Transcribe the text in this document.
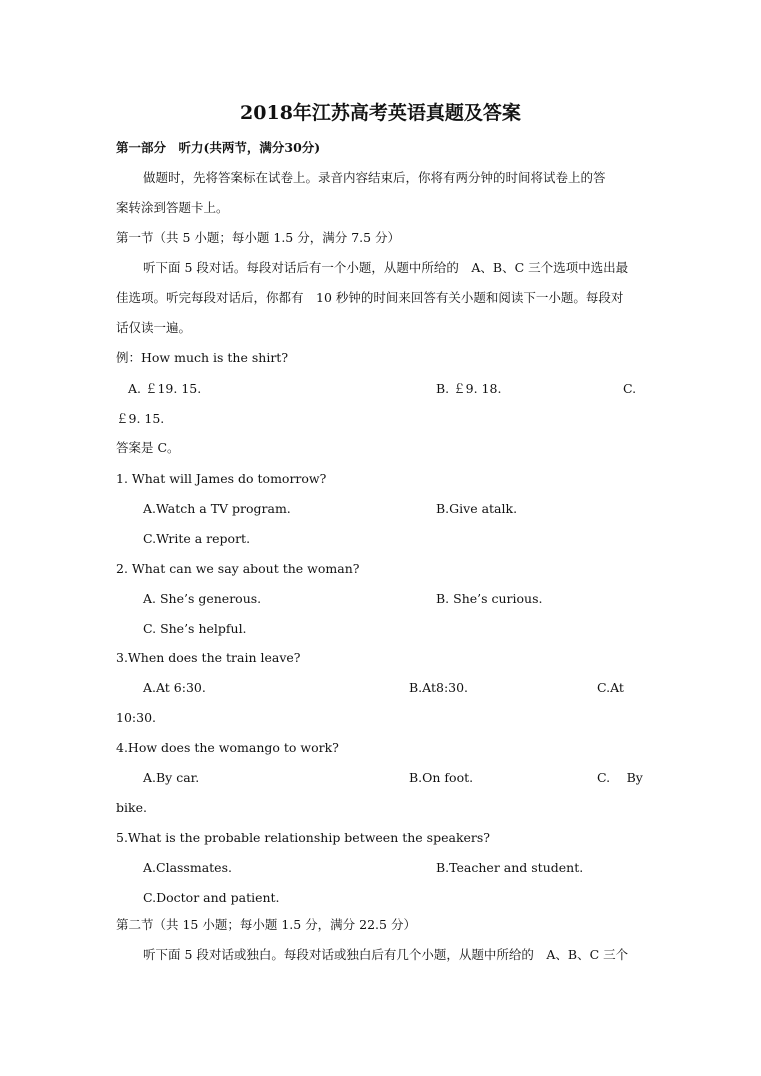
2018年江苏高考英语真题及答案
第一部分　听力(共两节，满分30分)
做题时，先将答案标在试卷上。录音内容结束后，你将有两分钟的时间将试卷上的答
案转涂到答题卡上。
第一节（共 5 小题；每小题 1.5 分，满分 7.5 分）
听下面 5 段对话。每段对话后有一个小题，从题中所给的　A、B、C 三个选项中选出最
佳选项。听完每段对话后，你都有　10 秒钟的时间来回答有关小题和阅读下一小题。每段对
话仅读一遍。
例：How much is the shirt?
A. ￡19. 15.	B. ￡9. 18.	C.
￡9. 15.
答案是 C。
1. What will James do tomorrow?
A.Watch a TV program.	B.Give atalk.
C.Write a report.
2. What can we say about the woman?
A. She’s generous.	B. She’s curious.
C. She’s helpful.
3.When does the train leave?
A.At 6:30.	B.At8:30.	C.At
10:30.
4.How does the womango to work?
A.By car.	B.On foot.	C.　 By
bike.
5.What is the probable relationship between the speakers?
A.Classmates.	B.Teacher and student.
C.Doctor and patient.
第二节（共 15 小题；每小题 1.5 分，满分 22.5 分）
听下面 5 段对话或独白。每段对话或独白后有几个小题，从题中所给的　A、B、C 三个
